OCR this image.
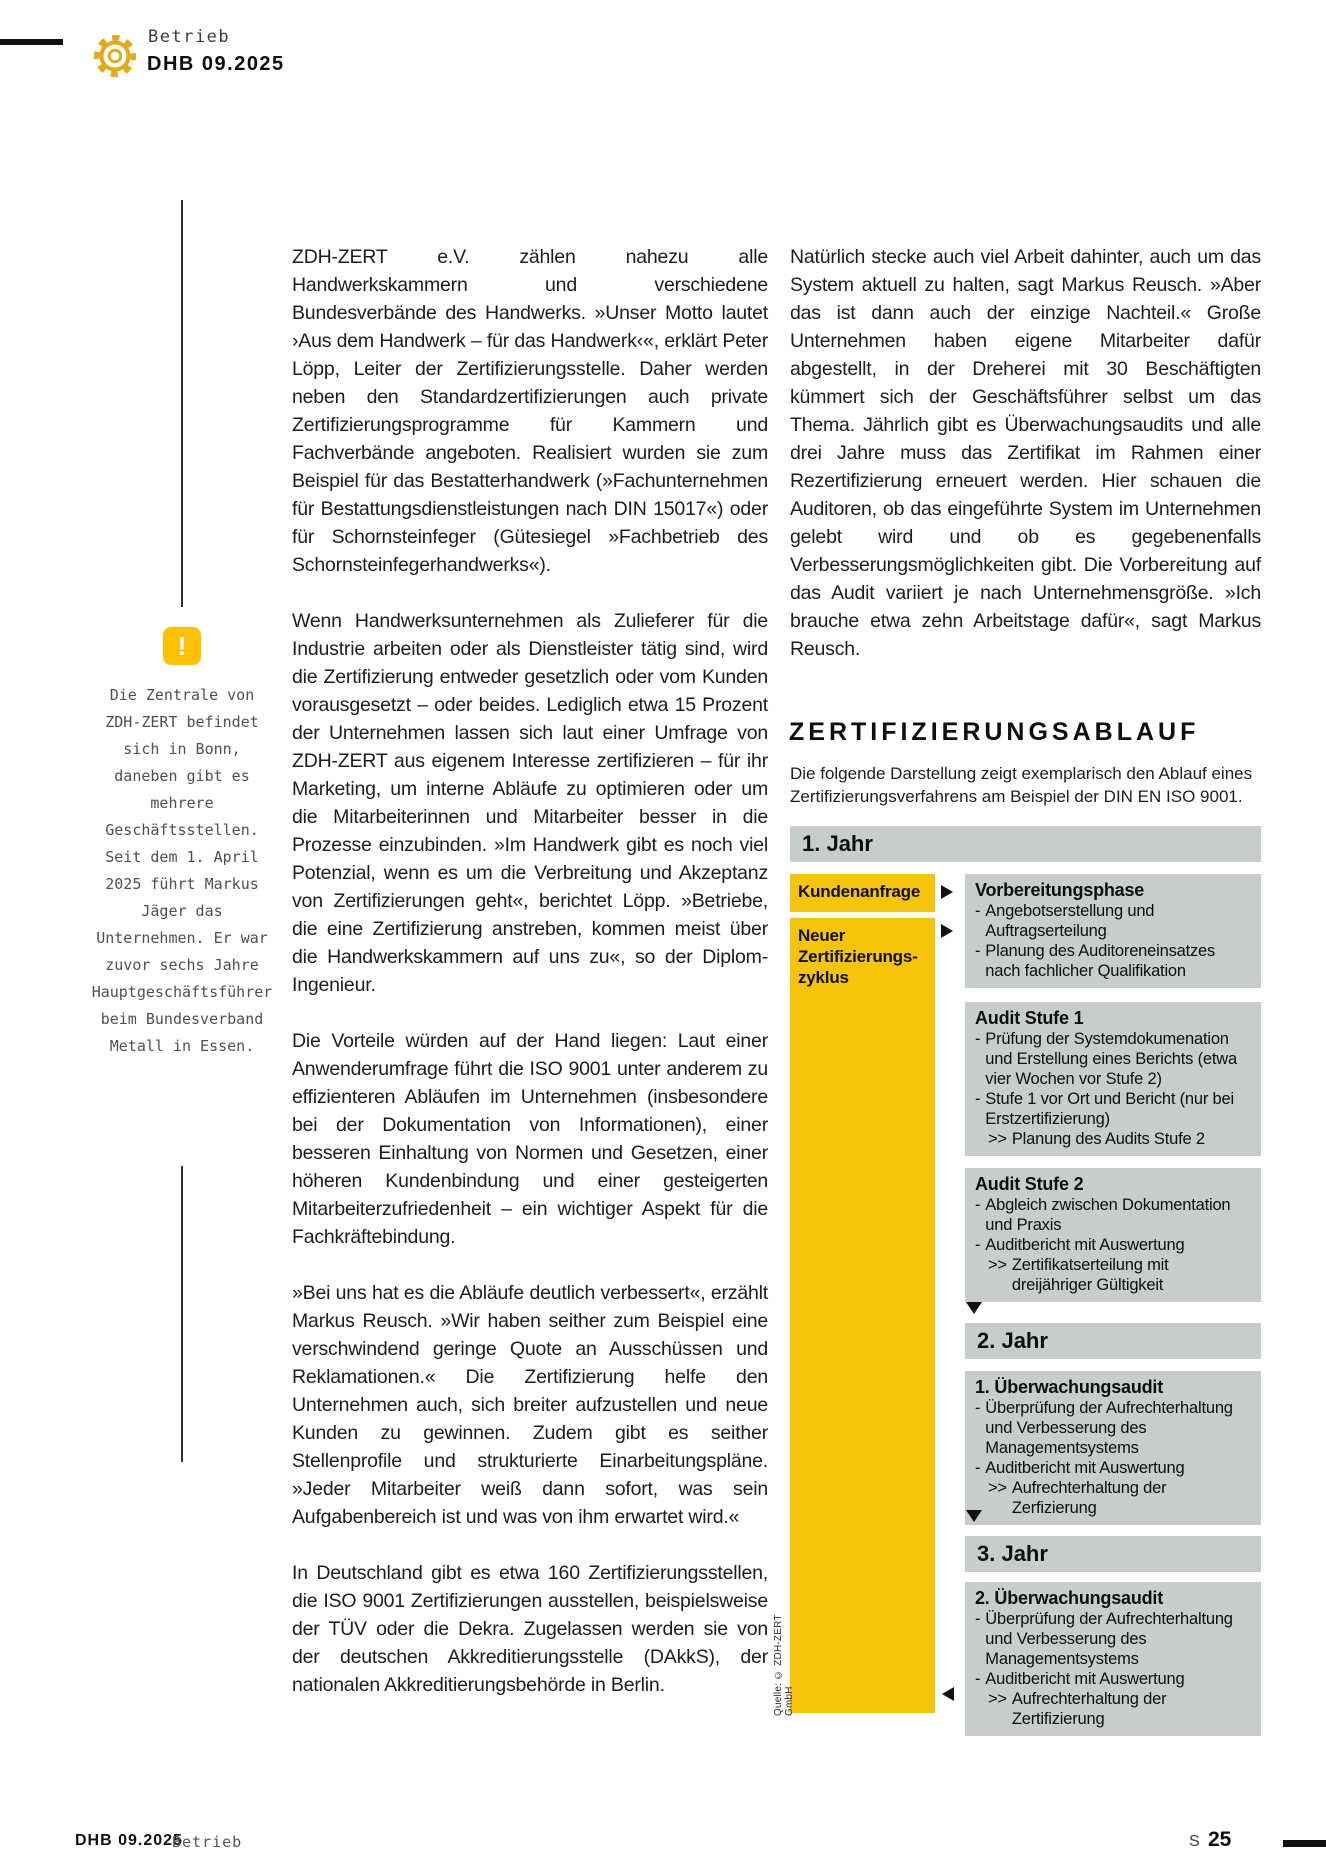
Betrieb
DHB 09.2025
!
Die Zentrale von ZDH-ZERT befindet sich in Bonn, daneben gibt es mehrere Geschäftsstellen. Seit dem 1. April 2025 führt Markus Jäger das Unternehmen. Er war zuvor sechs Jahre Hauptgeschäftsführer beim Bundesverband Metall in Essen.

ZDH-ZERT e.V. zählen nahezu alle Handwerkskammern und verschiedene Bundesverbände des Handwerks. »Unser Motto lautet ›Aus dem Handwerk – für das Handwerk‹«, erklärt Peter Löpp, Leiter der Zertifizierungsstelle. Daher werden neben den Standardzertifizierungen auch private Zertifizierungsprogramme für Kammern und Fachverbände angeboten. Realisiert wurden sie zum Beispiel für das Bestatterhandwerk (»Fachunternehmen für Bestattungsdienstleistungen nach DIN 15017«) oder für Schornsteinfeger (Gütesiegel »Fachbetrieb des Schornsteinfegerhandwerks«).

Wenn Handwerksunternehmen als Zulieferer für die Industrie arbeiten oder als Dienstleister tätig sind, wird die Zertifizierung entweder gesetzlich oder vom Kunden vorausgesetzt – oder beides. Lediglich etwa 15 Prozent der Unternehmen lassen sich laut einer Umfrage von ZDH-ZERT aus eigenem Interesse zertifizieren – für ihr Marketing, um interne Abläufe zu optimieren oder um die Mitarbeiterinnen und Mitarbeiter besser in die Prozesse einzubinden. »Im Handwerk gibt es noch viel Potenzial, wenn es um die Verbreitung und Akzeptanz von Zertifizierungen geht«, berichtet Löpp. »Betriebe, die eine Zertifizierung anstreben, kommen meist über die Handwerkskammern auf uns zu«, so der Diplom-Ingenieur.

Die Vorteile würden auf der Hand liegen: Laut einer Anwenderumfrage führt die ISO 9001 unter anderem zu effizienteren Abläufen im Unternehmen (insbesondere bei der Dokumentation von Informationen), einer besseren Einhaltung von Normen und Gesetzen, einer höheren Kundenbindung und einer gesteigerten Mitarbeiterzufriedenheit – ein wichtiger Aspekt für die Fachkräftebindung.

»Bei uns hat es die Abläufe deutlich verbessert«, erzählt Markus Reusch. »Wir haben seither zum Beispiel eine verschwindend geringe Quote an Ausschüssen und Reklamationen.« Die Zertifizierung helfe den Unternehmen auch, sich breiter aufzustellen und neue Kunden zu gewinnen. Zudem gibt es seither Stellenprofile und strukturierte Einarbeitungspläne. »Jeder Mitarbeiter weiß dann sofort, was sein Aufgabenbereich ist und was von ihm erwartet wird.«

In Deutschland gibt es etwa 160 Zertifizierungsstellen, die ISO 9001 Zertifizierungen ausstellen, beispielsweise der TÜV oder die Dekra. Zugelassen werden sie von der deutschen Akkreditierungsstelle (DAkkS), der nationalen Akkreditierungsbehörde in Berlin.

Natürlich stecke auch viel Arbeit dahinter, auch um das System aktuell zu halten, sagt Markus Reusch. »Aber das ist dann auch der einzige Nachteil.« Große Unternehmen haben eigene Mitarbeiter dafür abgestellt, in der Dreherei mit 30 Beschäftigten kümmert sich der Geschäftsführer selbst um das Thema. Jährlich gibt es Überwachungsaudits und alle drei Jahre muss das Zertifikat im Rahmen einer Rezertifizierung erneuert werden. Hier schauen die Auditoren, ob das eingeführte System im Unternehmen gelebt wird und ob es gegebenenfalls Verbesserungsmöglichkeiten gibt. Die Vorbereitung auf das Audit variiert je nach Unternehmensgröße. »Ich brauche etwa zehn Arbeitstage dafür«, sagt Markus Reusch.

ZERTIFIZIERUNGSABLAUF
Die folgende Darstellung zeigt exemplarisch den Ablauf eines Zertifizierungsverfahrens am Beispiel der DIN EN ISO 9001.
1. Jahr
Kundenanfrage
Neuer Zertifizierungs-zyklus
Vorbereitungsphase
- Angebotserstellung und Auftragserteilung
- Planung des Auditoreneinsatzes nach fachlicher Qualifikation
Audit Stufe 1
- Prüfung der Systemdokumenation und Erstellung eines Berichts (etwa vier Wochen vor Stufe 2)
- Stufe 1 vor Ort und Bericht (nur bei Erstzertifizierung)
>> Planung des Audits Stufe 2
Audit Stufe 2
- Abgleich zwischen Dokumentation und Praxis
- Auditbericht mit Auswertung
>> Zertifikatserteilung mit dreijähriger Gültigkeit
2. Jahr
1. Überwachungsaudit
- Überprüfung der Aufrechterhaltung und Verbesserung des Managementsystems
- Auditbericht mit Auswertung
>> Aufrechterhaltung der Zerfizierung
3. Jahr
2. Überwachungsaudit
- Überprüfung der Aufrechterhaltung und Verbesserung des Managementsystems
- Auditbericht mit Auswertung
>> Aufrechterhaltung der Zertifizierung
Quelle: © ZDH-ZERT GmbH
DHB 09.2025
Betrieb	S 25
